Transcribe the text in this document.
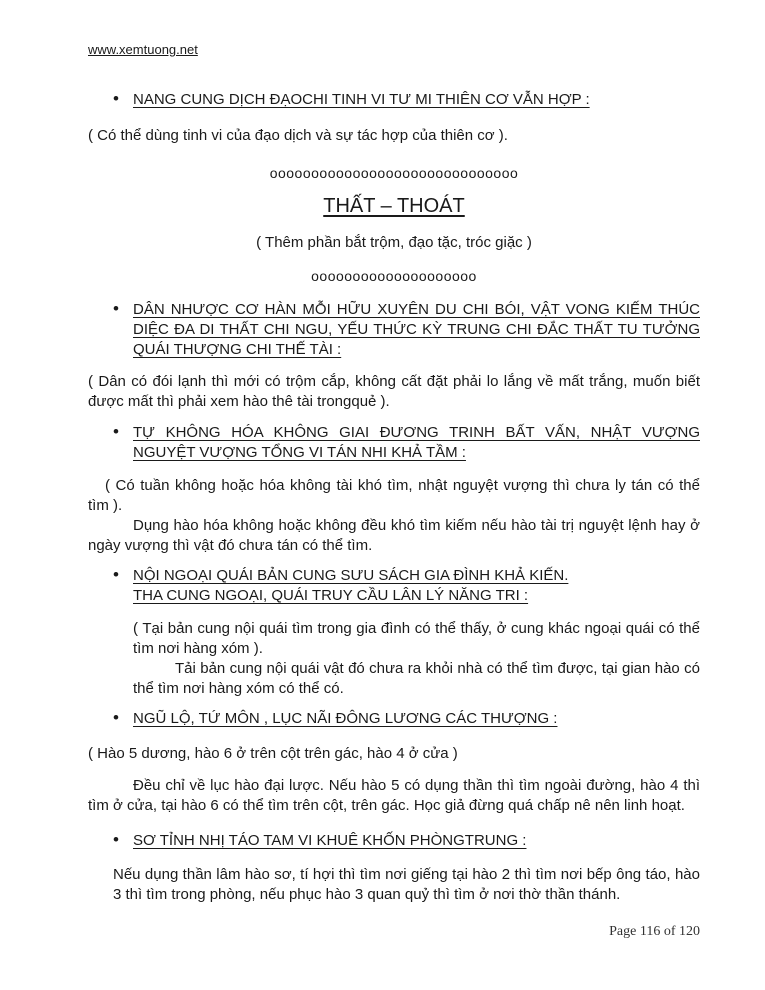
www.xemtuong.net
• NANG CUNG DỊCH ĐẠOCHI TINH VI TƯ MI THIÊN CƠ VẪN HỢP :

( Có thể dùng tinh vi của đạo dịch và sự tác hợp của thiên cơ ).

oooooooooooooooooooooooooooooo
THẤT – THOÁT
( Thêm phần bắt trộm, đạo tặc, tróc giặc )
oooooooooooooooooooo
• DÂN NHƯỢC CƠ HÀN MỖI HỮU XUYÊN DU CHI BÓI, VẬT VONG KIẾM THÚC DIỆC ĐA DI THẤT CHI NGU, YẾU THỨC KỲ TRUNG CHI ĐẮC THẤT TU TƯỞNG QUÁI THƯỢNG CHI THẾ TÀI :

( Dân có đói lạnh thì mới có trộm cắp, không cất đặt phải lo lắng về mất trắng, muốn biết được mất thì phải xem hào thê tài trongquẻ ).

• TỰ KHÔNG HÓA KHÔNG GIAI ĐƯƠNG TRINH BẤT VẤN, NHẬT VƯỢNG NGUYỆT VƯỢNG TỔNG VI TÁN NHI KHẢ TẦM :

( Có tuần không hoặc hóa không tài khó tìm, nhật nguyệt vượng thì chưa ly tán có thể tìm ).

Dụng hào hóa không hoặc không đều khó tìm kiếm nếu hào tài trị nguyệt lệnh hay ở ngày vượng thì vật đó chưa tán có thể tìm.

• NỘI NGOẠI QUÁI BẢN CUNG SƯU SÁCH GIA ĐÌNH KHẢ KIẾN.
THA CUNG NGOẠI, QUÁI TRUY CẦU LÂN LÝ NĂNG TRI :

( Tại bản cung nội quái tìm trong gia đình có thể thấy, ở cung khác ngoại quái có thể tìm nơi hàng xóm ).

Tải bản cung nội quái vật đó chưa ra khỏi nhà có thể tìm được, tại gian hào có thể tìm nơi hàng xóm có thể có.

• NGŨ LỘ, TỨ MÔN , LỤC NÃI ĐÔNG LƯƠNG CÁC THƯỢNG :

( Hào 5 dương, hào 6 ở trên cột trên gác, hào 4 ở cửa )

Đều chỉ về lục hào đại lược. Nếu hào 5 có dụng thần thì tìm ngoài đường, hào 4 thì tìm ở cửa, tại hào 6 có thể tìm trên cột, trên gác. Học giả đừng quá chấp nê nên linh hoạt.

• SƠ TỈNH NHỊ TÁO TAM VI KHUÊ KHỐN PHÒNGTRUNG :

Nếu dụng thần lâm hào sơ, tí hợi thì tìm nơi giếng tại hào 2 thì tìm nơi bếp ông táo, hào 3 thì tìm trong phòng, nếu phục hào 3 quan quỷ thì tìm ở nơi thờ thần thánh.

Page 116 of 120
